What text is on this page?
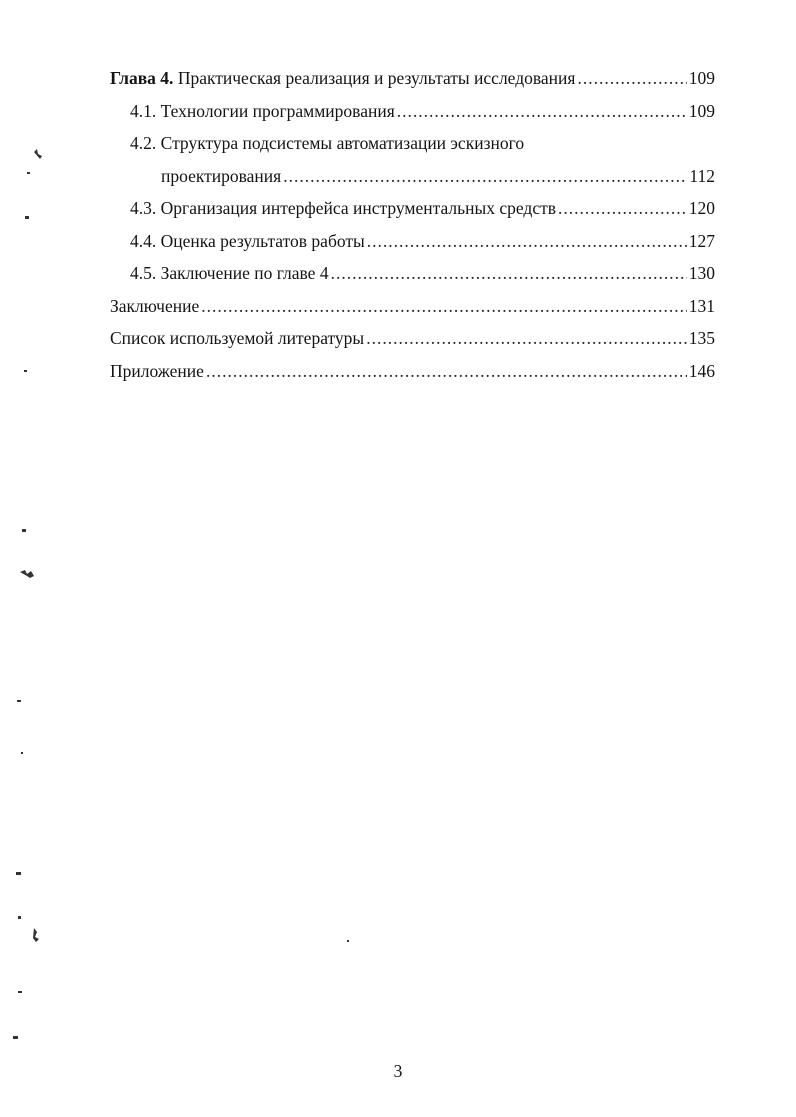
Глава 4. Практическая реализация и результаты исследования .....	109
4.1. Технологии программирования .....	109
4.2. Структура подсистемы автоматизации эскизного
проектирования .....	112
4.3. Организация интерфейса инструментальных средств .....	120
4.4. Оценка результатов работы .....	127
4.5. Заключение по главе 4 .....	130
Заключение .....	131
Список используемой литературы .....	135
Приложение .....	146
3
